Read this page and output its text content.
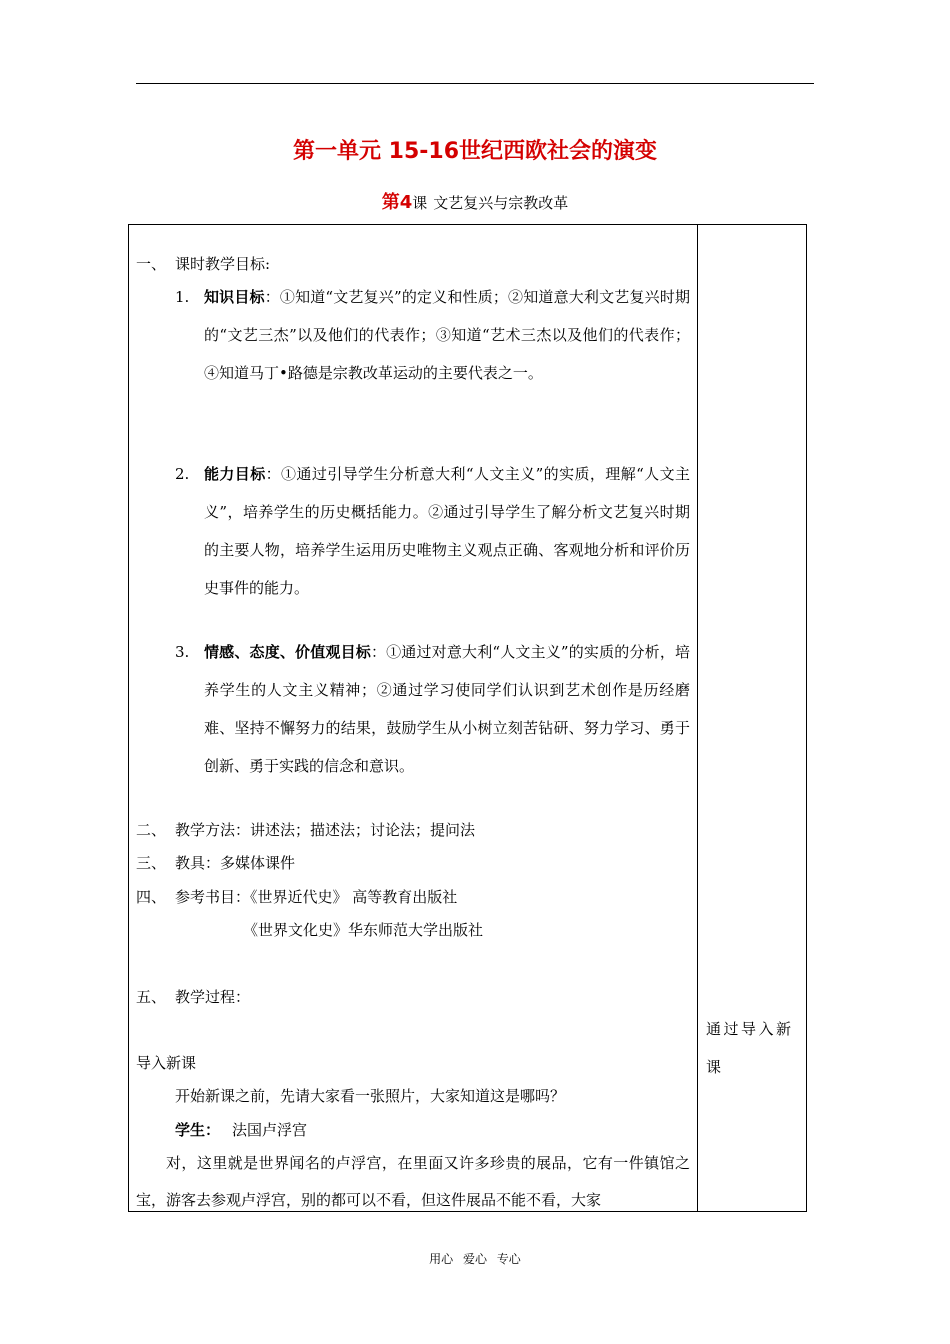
第一单元 15-16世纪西欧社会的演变
第4课 文艺复兴与宗教改革
一、 课时教学目标:
1. 知识目标：①知道“文艺复兴”的定义和性质；②知道意大利文艺复兴时期的“文艺三杰”以及他们的代表作；③知道“艺术三杰以及他们的代表作；④知道马丁•路德是宗教改革运动的主要代表之一。

2. 能力目标：①通过引导学生分析意大利“人文主义”的实质，理解“人文主义”，培养学生的历史概括能力。②通过引导学生了解分析文艺复兴时期的主要人物，培养学生运用历史唯物主义观点正确、客观地分析和评价历史事件的能力。

3. 情感、态度、价值观目标：①通过对意大利“人文主义”的实质的分析，培养学生的人文主义精神；②通过学习使同学们认识到艺术创作是历经磨难、坚持不懈努力的结果，鼓励学生从小树立刻苦钻研、努力学习、勇于创新、勇于实践的信念和意识。

二、 教学方法：讲述法；描述法；讨论法；提问法
三、 教具：多媒体课件
四、 参考书目：《世界近代史》 高等教育出版社
《世界文化史》华东师范大学出版社
五、 教学过程：

通过导入新课

导入新课
开始新课之前，先请大家看一张照片，大家知道这是哪吗？
学生： 法国卢浮宫

对，这里就是世界闻名的卢浮宫，在里面又许多珍贵的展品，它有一件镇馆之宝，游客去参观卢浮宫，别的都可以不看，但这件展品不能不看，大家

用心 爱心 专心
